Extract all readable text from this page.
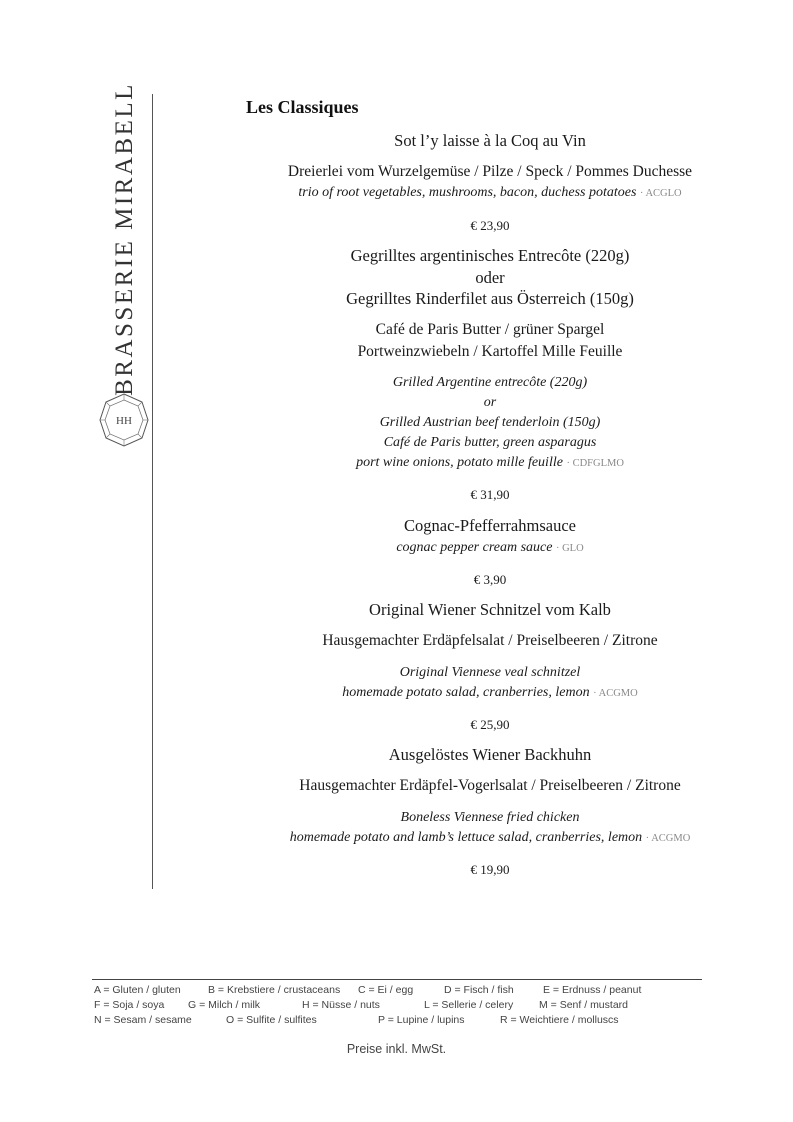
BRASSERIE MIRABELL
HH
Les Classiques
Sot l’y laisse à la Coq au Vin
Dreierlei vom Wurzelgemüse / Pilze / Speck / Pommes Duchesse
trio of root vegetables, mushrooms, bacon, duchess potatoes · ACGLO
€ 23,90
Gegrilltes argentinisches Entrecôte (220g)
oder
Gegrilltes Rinderfilet aus Österreich (150g)
Café de Paris Butter / grüner Spargel
Portweinzwiebeln / Kartoffel Mille Feuille
Grilled Argentine entrecôte (220g)
or
Grilled Austrian beef tenderloin (150g)
Café de Paris butter, green asparagus
port wine onions, potato mille feuille · CDFGLMO
€ 31,90
Cognac-Pfefferrahmsauce
cognac pepper cream sauce · GLO
€ 3,90
Original Wiener Schnitzel vom Kalb
Hausgemachter Erdäpfelsalat / Preiselbeeren / Zitrone
Original Viennese veal schnitzel
homemade potato salad, cranberries, lemon · ACGMO
€ 25,90
Ausgelöstes Wiener Backhuhn
Hausgemachter Erdäpfel-Vogerlsalat / Preiselbeeren / Zitrone
Boneless Viennese fried chicken
homemade potato and lamb’s lettuce salad, cranberries, lemon · ACGMO
€ 19,90
A = Gluten / gluten	B = Krebstiere / crustaceans C = Ei / egg	D = Fisch / fish	E = Erdnuss / peanut
F = Soja / soya G = Milch / milk	H = Nüsse / nuts	L = Sellerie / celery M = Senf / mustard
N = Sesam / sesame	O = Sulfite / sulfites	P = Lupine / lupins	R = Weichtiere / molluscs
Preise inkl. MwSt.
